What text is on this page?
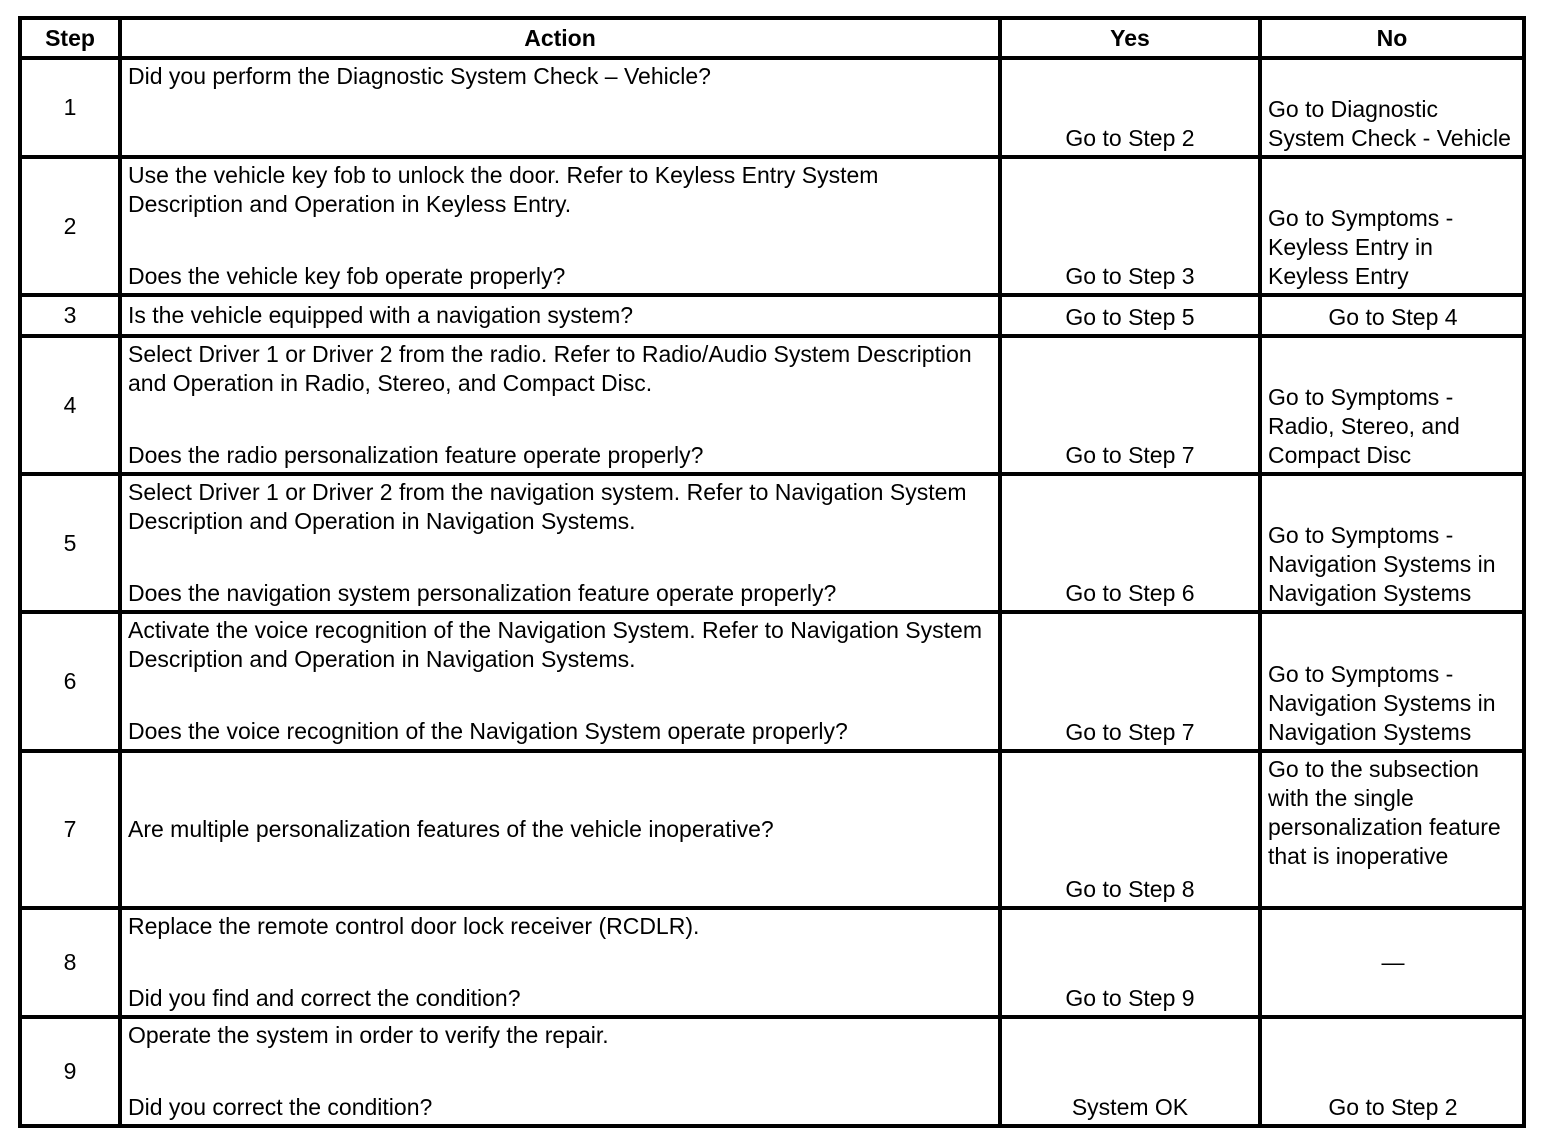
Step	Action	Yes	No
1	Did you perform the Diagnostic System Check – Vehicle?	Go to Step 2	Go to Diagnostic System Check - Vehicle
2	Use the vehicle key fob to unlock the door. Refer to Keyless Entry System Description and Operation in Keyless Entry.
Does the vehicle key fob operate properly?	Go to Step 3	Go to Symptoms - Keyless Entry in Keyless Entry
3	Is the vehicle equipped with a navigation system?	Go to Step 5	Go to Step 4
4	Select Driver 1 or Driver 2 from the radio. Refer to Radio/Audio System Description and Operation in Radio, Stereo, and Compact Disc.
Does the radio personalization feature operate properly?	Go to Step 7	Go to Symptoms - Radio, Stereo, and Compact Disc
5	Select Driver 1 or Driver 2 from the navigation system. Refer to Navigation System Description and Operation in Navigation Systems.
Does the navigation system personalization feature operate properly?	Go to Step 6	Go to Symptoms - Navigation Systems in Navigation Systems
6	Activate the voice recognition of the Navigation System. Refer to Navigation System Description and Operation in Navigation Systems.
Does the voice recognition of the Navigation System operate properly?	Go to Step 7	Go to Symptoms - Navigation Systems in Navigation Systems
7	Are multiple personalization features of the vehicle inoperative?	Go to Step 8	Go to the subsection with the single personalization feature that is inoperative
8	Replace the remote control door lock receiver (RCDLR).
Did you find and correct the condition?	Go to Step 9	—
9	Operate the system in order to verify the repair.
Did you correct the condition?	System OK	Go to Step 2
